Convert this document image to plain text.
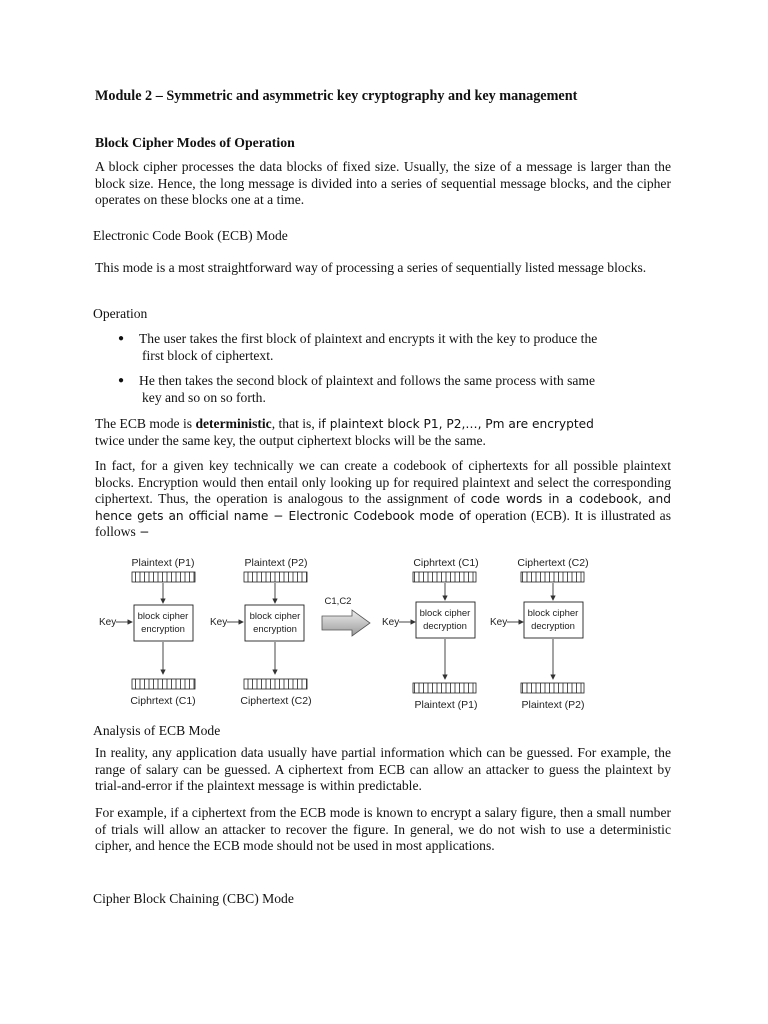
Module 2 – Symmetric and asymmetric key cryptography and key management

Block Cipher Modes of Operation

A block cipher processes the data blocks of fixed size. Usually, the size of a message is larger than the block size. Hence, the long message is divided into a series of sequential message blocks, and the cipher operates on these blocks one at a time.

Electronic Code Book (ECB) Mode

This mode is a most straightforward way of processing a series of sequentially listed message blocks.

Operation

● The user takes the first block of plaintext and encrypts it with the key to produce the
first block of ciphertext.
● He then takes the second block of plaintext and follows the same process with same
key and so on so forth.
The ECB mode is deterministic, that is, if plaintext block P1, P2,…, Pm are encrypted
twice under the same key, the output ciphertext blocks will be the same.
In fact, for a given key technically we can create a codebook of ciphertexts for all possible plaintext blocks. Encryption would then entail only looking up for required plaintext and select the corresponding ciphertext. Thus, the operation is analogous to the assignment of code words in a codebook, and hence gets an official name − Electronic Codebook mode of operation (ECB). It is illustrated as follows −
Plaintext (P1)
block cipher
encryption
Key
Ciphrtext (C1)
Plaintext (P2)
block cipher
encryption
Key
Ciphertext (C2)
C1,C2
Ciphrtext (C1)
block cipher
decryption
Key
Plaintext (P1)
Ciphertext (C2)
block cipher
decryption
Key
Plaintext (P2)

Analysis of ECB Mode

In reality, any application data usually have partial information which can be guessed. For example, the range of salary can be guessed. A ciphertext from ECB can allow an attacker to guess the plaintext by trial-and-error if the plaintext message is within predictable.

For example, if a ciphertext from the ECB mode is known to encrypt a salary figure, then a small number of trials will allow an attacker to recover the figure. In general, we do not wish to use a deterministic cipher, and hence the ECB mode should not be used in most applications.

Cipher Block Chaining (CBC) Mode
